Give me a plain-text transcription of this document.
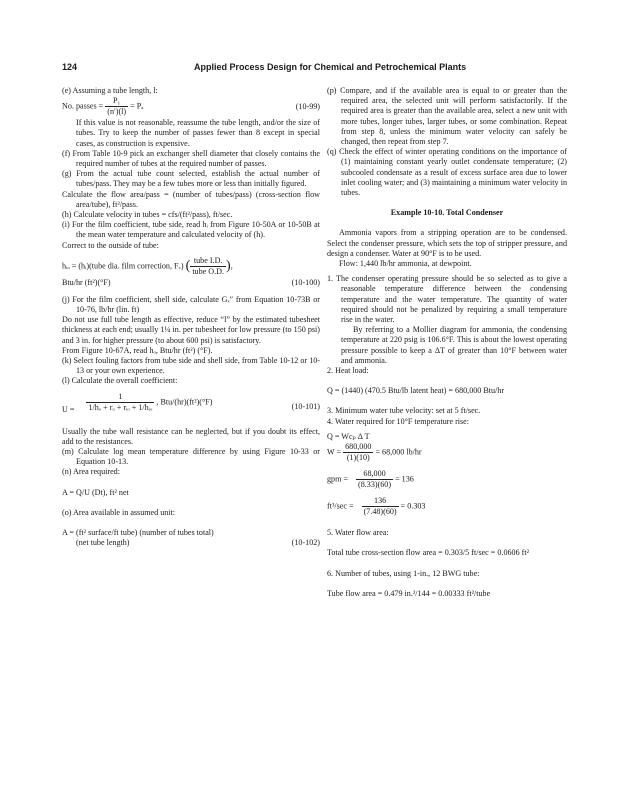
124	Applied Process Design for Chemical and Petrochemical Plants

(e) Assuming a tube length, l:

No. passes = $\frac{\text{P₁}}{(n')(l)} = P_a$	(10-99)

If this value is not reasonable, reassume the tube length, and/or the size of tubes. Try to keep the number of passes fewer than 8 except in special cases, as construction is expensive.

(f) From Table 10-9 pick an exchanger shell diameter that closely contains the required number of tubes at the required number of passes.

(g) From the actual tube count selected, establish the actual number of tubes/pass. They may be a few tubes more or less than initially figured.

Calculate the flow area/pass = (number of tubes/pass) (cross-section flow area/tube), ft²/pass.

(h) Calculate velocity in tubes = cfs/(ft²/pass), ft/sec.

(i) For the film coefficient, tube side, read hᵢ from Figure 10-50A or 10-50B at the mean water temperature and calculated velocity of (h).

Correct to the outside of tube:

hᵢₒ = (hᵢ)(tube dia. film correction, Fᵥ) ( $\frac{\text{tube I.D.}}{\text{tube O.D.}}$ ),
Btu/hr (ft²)(°F)	(10-100)

(j) For the film coefficient, shell side, calculate Gₓ″ from Equation 10-73B or 10-76, lb/hr (lin. ft)

Do not use full tube length as effective, reduce “l” by the estimated tubesheet thickness at each end; usually 1¼ in. per tubesheet for low pressure (to 150 psi) and 3 in. for higher pressure (to about 600 psi) is satisfactory.

From Figure 10-67A, read hₒ, Btu/hr (ft²) (°F).

(k) Select fouling factors from tube side and shell side, from Table 10-12 or 10-13 or your own experience.

(l) Calculate the overall coefficient:

$U = \frac{1}{\text{1/hₒ + rₒ + rᵢₒ + 1/hᵢₒ}}$ , Btu/(hr)(ft²)(°F)	(10-101)

Usually the tube wall resistance can be neglected, but if you doubt its effect, add to the resistances.

(m) Calculate log mean temperature difference by using Figure 10-33 or Equation 10-13.

(n) Area required:

A = Q/U (Dt), ft² net

(o) Area available in assumed unit:

A = (ft² surface/ft tube) (number of tubes total)

(net tube length)	(10-102)

(p) Compare, and if the available area is equal to or greater than the required area, the selected unit will perform satisfactorily. If the required area is greater than the available area, select a new unit with more tubes, longer tubes, larger tubes, or some combination. Repeat from step 8, unless the minimum water velocity can safely be changed, then repeat from step 7.

(q) Check the effect of winter operating conditions on the importance of (1) maintaining constant yearly outlet condensate temperature; (2) subcooled condensate as a result of excess surface area due to lower inlet cooling water; and (3) maintaining a minimum water velocity in tubes.

Example 10-10. Total Condenser

Ammonia vapors from a stripping operation are to be condensed. Select the condenser pressure, which sets the top of stripper pressure, and design a condenser. Water at 90°F is to be used.

Flow: 1,440 lb/hr ammonia, at dewpoint.

1. The condenser operating pressure should be so selected as to give a reasonable temperature difference between the condensing temperature and the water temperature. The quantity of water required should not be penalized by requiring a small temperature rise in the water.

By referring to a Mollier diagram for ammonia, the condensing temperature at 220 psig is 106.6°F. This is about the lowest operating pressure possible to keep a ΔT of greater than 10°F between water and ammonia.

2. Heat load:

Q = (1440) (470.5 Btu/lb latent heat) = 680,000 Btu/hr

3. Minimum water tube velocity: set at 5 ft/sec.

4. Water required for 10°F temperature rise:

Q = Wcₚ Δ T

$W = \frac{680,000}{(1)(10)} = 68,000$ lb/hr
gpm = $\frac{68,000}{(8.33)(60)} = 136$
$ft^3/\sec = \frac{136}{(7.48)(60)} = 0.303$

5. Water flow area:

Total tube cross-section flow area = 0.303/5 ft/sec = 0.0606 ft²

6. Number of tubes, using 1-in., 12 BWG tube:

Tube flow area = 0.479 in.²/144 = 0.00333 ft²/tube
